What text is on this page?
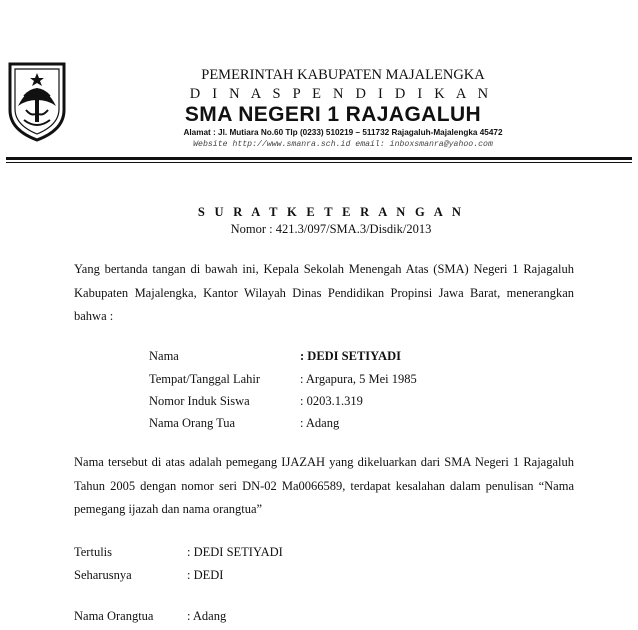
PEMERINTAH KABUPATEN MAJALENGKA
D I N A S P E N D I D I K A N
SMA NEGERI 1 RAJAGALUH
Alamat : Jl. Mutiara No.60 Tlp (0233) 510219 – 511732 Rajagaluh-Majalengka 45472
Website http://www.smanra.sch.id email: inboxsmanra@yahoo.com
S U R A T K E T E R A N G A N
Nomor : 421.3/097/SMA.3/Disdik/2013
Yang bertanda tangan di bawah ini, Kepala Sekolah Menengah Atas (SMA) Negeri 1 Rajagaluh Kabupaten Majalengka, Kantor Wilayah Dinas Pendidikan Propinsi Jawa Barat, menerangkan bahwa :
Nama	: DEDI SETIYADI
Tempat/Tanggal Lahir	: Argapura, 5 Mei 1985
Nomor Induk Siswa	: 0203.1.319
Nama Orang Tua	: Adang
Nama tersebut di atas adalah pemegang IJAZAH yang dikeluarkan dari SMA Negeri 1 Rajagaluh Tahun 2005 dengan nomor seri DN-02 Ma0066589, terdapat kesalahan dalam penulisan “Nama pemegang ijazah dan nama orangtua”
Tertulis	: DEDI SETIYADI
Seharusnya	: DEDI
Nama Orangtua	: Adang
